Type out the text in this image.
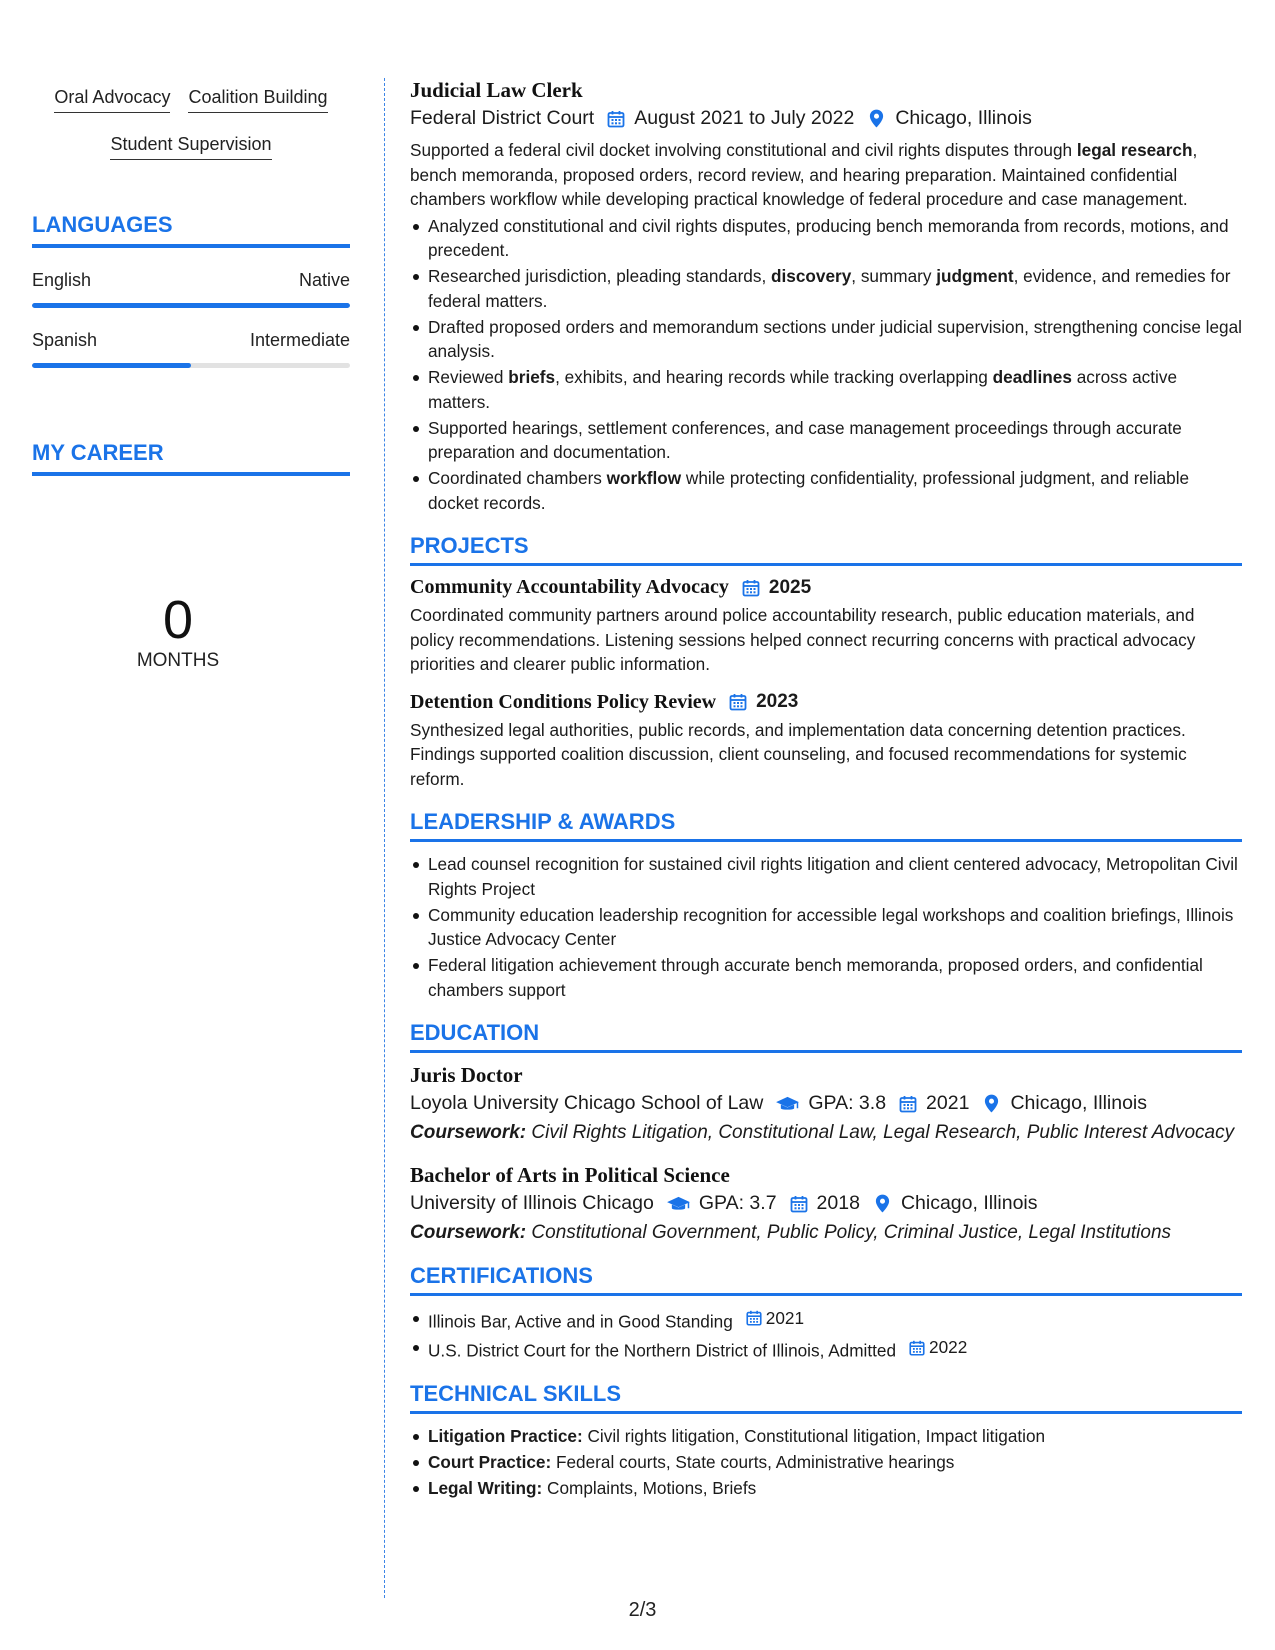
Oral Advocacy Coalition Building
Student Supervision
LANGUAGES
English	Native
Spanish	Intermediate
MY CAREER
0
MONTHS
Judicial Law Clerk
Federal District Court August 2021 to July 2022 Chicago, Illinois

Supported a federal civil docket involving constitutional and civil rights disputes through legal research, bench memoranda, proposed orders, record review, and hearing preparation. Maintained confidential chambers workflow while developing practical knowledge of federal procedure and case management.

Analyzed constitutional and civil rights disputes, producing bench memoranda from records, motions, and precedent.
Researched jurisdiction, pleading standards, discovery, summary judgment, evidence, and remedies for federal matters.
Drafted proposed orders and memorandum sections under judicial supervision, strengthening concise legal analysis.
Reviewed briefs, exhibits, and hearing records while tracking overlapping deadlines across active matters.
Supported hearings, settlement conferences, and case management proceedings through accurate preparation and documentation.
Coordinated chambers workflow while protecting confidentiality, professional judgment, and reliable docket records.
PROJECTS
Community Accountability Advocacy 2025

Coordinated community partners around police accountability research, public education materials, and policy recommendations. Listening sessions helped connect recurring concerns with practical advocacy priorities and clearer public information.

Detention Conditions Policy Review 2023

Synthesized legal authorities, public records, and implementation data concerning detention practices. Findings supported coalition discussion, client counseling, and focused recommendations for systemic reform.

LEADERSHIP & AWARDS
Lead counsel recognition for sustained civil rights litigation and client centered advocacy, Metropolitan Civil Rights Project
Community education leadership recognition for accessible legal workshops and coalition briefings, Illinois Justice Advocacy Center
Federal litigation achievement through accurate bench memoranda, proposed orders, and confidential chambers support
EDUCATION
Juris Doctor
Loyola University Chicago School of Law GPA: 3.8 2021 Chicago, Illinois
Coursework: Civil Rights Litigation, Constitutional Law, Legal Research, Public Interest Advocacy
Bachelor of Arts in Political Science
University of Illinois Chicago GPA: 3.7 2018 Chicago, Illinois
Coursework: Constitutional Government, Public Policy, Criminal Justice, Legal Institutions
CERTIFICATIONS
Illinois Bar, Active and in Good Standing 2021
U.S. District Court for the Northern District of Illinois, Admitted 2022
TECHNICAL SKILLS
Litigation Practice: Civil rights litigation, Constitutional litigation, Impact litigation
Court Practice: Federal courts, State courts, Administrative hearings
Legal Writing: Complaints, Motions, Briefs
2/3
